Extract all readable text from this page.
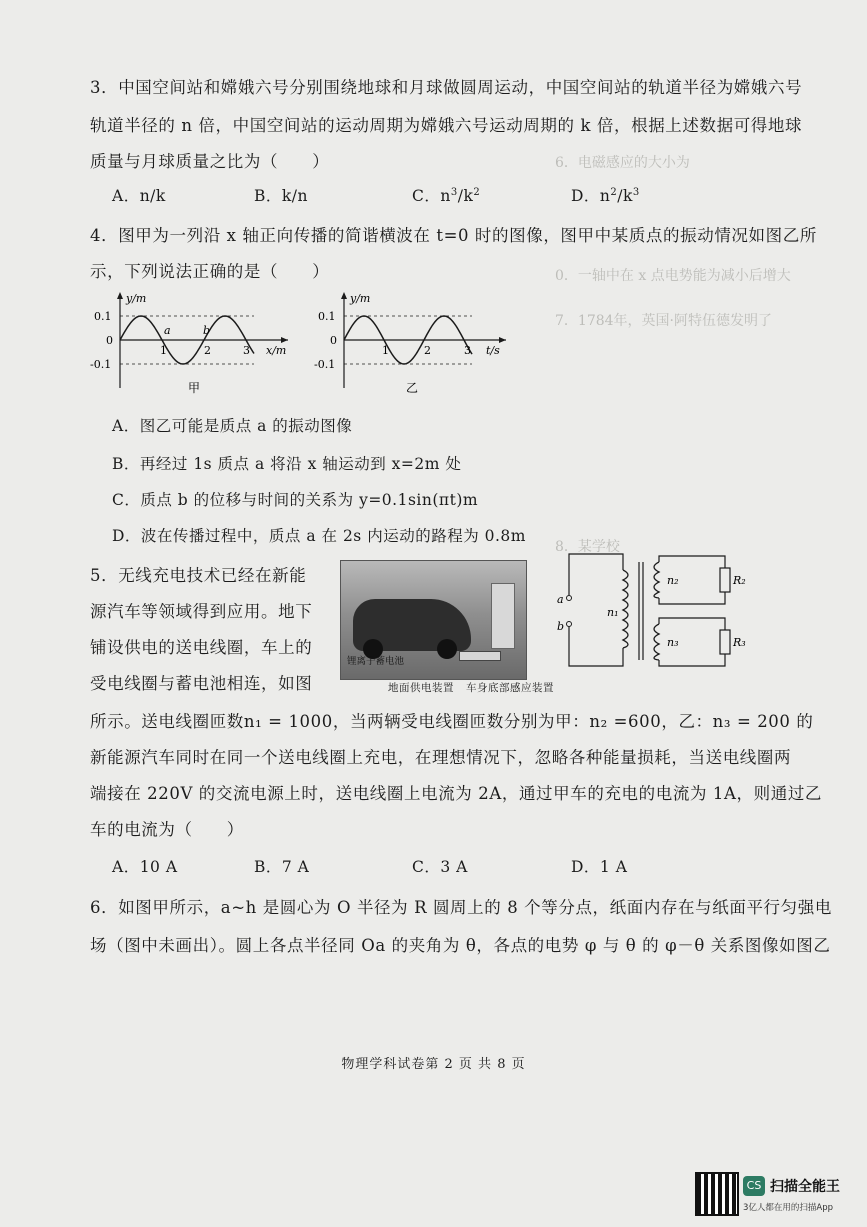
6．电磁感应的大小为
0．一轴中在 x 点电势能为减小后增大
7．1784年，英国·阿特伍德发明了
8．某学校
3．中国空间站和嫦娥六号分别围绕地球和月球做圆周运动，中国空间站的轨道半径为嫦娥六号
轨道半径的 n 倍，中国空间站的运动周期为嫦娥六号运动周期的 k 倍，根据上述数据可得地球
质量与月球质量之比为（　　）
A．n/k	B．k/n	C．$n^3/k^2$	D．$n^2/k^3$
4．图甲为一列沿 x 轴正向传播的简谐横波在 t=0 时的图像，图甲中某质点的振动情况如图乙所
示，下列说法正确的是（　　）
y/m
0.1
0
-0.1
1	2	3 x/m
a	b
甲
y/m
0.1
0
-0.1
1	2	3 t/s
乙
A．图乙可能是质点 a 的振动图像
B．再经过 1s 质点 a 将沿 x 轴运动到 x=2m 处
C．质点 b 的位移与时间的关系为 y=0.1sin(πt)m
D．波在传播过程中，质点 a 在 2s 内运动的路程为 0.8m
5．无线充电技术已经在新能
源汽车等领域得到应用。地下
铺设供电的送电线圈，车上的
受电线圈与蓄电池相连，如图
锂离子蓄电池
地面供电装置 车身底部感应装置
a
b
n₁
n₂	R₂
n₃	R₃
所示。送电线圈匝数n₁ = 1000，当两辆受电线圈匝数分别为甲：n₂ =600，乙：n₃ = 200 的
新能源汽车同时在同一个送电线圈上充电，在理想情况下，忽略各种能量损耗，当送电线圈两
端接在 220V 的交流电源上时，送电线圈上电流为 2A，通过甲车的充电的电流为 1A，则通过乙
车的电流为（　　）
A．10 A	B．7 A	C．3 A	D．1 A
6．如图甲所示，a~h 是圆心为 O 半径为 R 圆周上的 8 个等分点，纸面内存在与纸面平行匀强电
场（图中未画出）。圆上各点半径同 Oa 的夹角为 θ，各点的电势 φ 与 θ 的 φ－θ 关系图像如图乙
物理学科试卷第 2 页 共 8 页
CS 扫描全能王
3亿人都在用的扫描App
